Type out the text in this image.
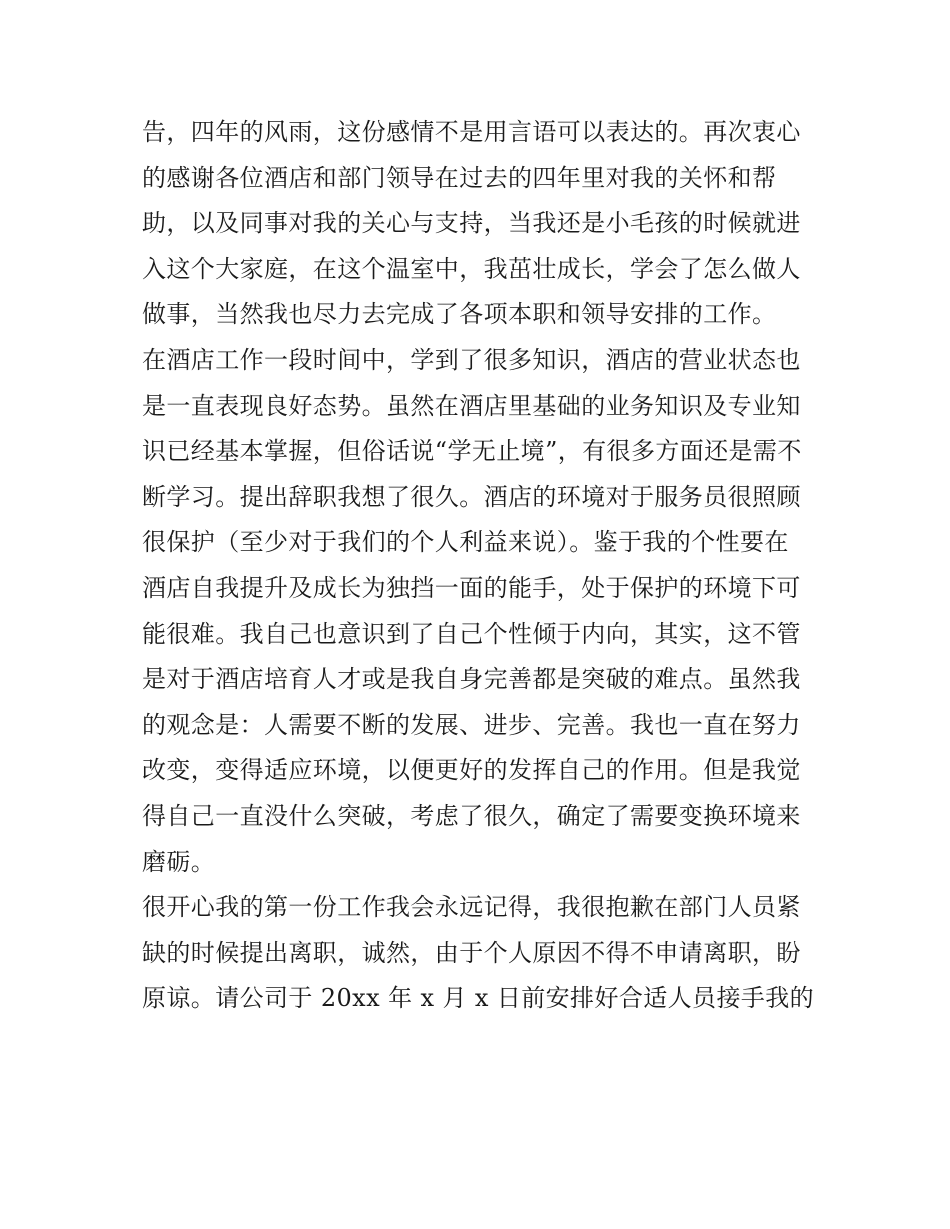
告，四年的风雨，这份感情不是用言语可以表达的。再次衷心
的感谢各位酒店和部门领导在过去的四年里对我的关怀和帮
助，以及同事对我的关心与支持，当我还是小毛孩的时候就进
入这个大家庭，在这个温室中，我茁壮成长，学会了怎么做人
做事，当然我也尽力去完成了各项本职和领导安排的工作。
在酒店工作一段时间中，学到了很多知识，酒店的营业状态也
是一直表现良好态势。虽然在酒店里基础的业务知识及专业知
识已经基本掌握，但俗话说“学无止境”，有很多方面还是需不
断学习。提出辞职我想了很久。酒店的环境对于服务员很照顾
很保护（至少对于我们的个人利益来说）。鉴于我的个性要在
酒店自我提升及成长为独挡一面的能手，处于保护的环境下可
能很难。我自己也意识到了自己个性倾于内向，其实，这不管
是对于酒店培育人才或是我自身完善都是突破的难点。虽然我
的观念是：人需要不断的发展、进步、完善。我也一直在努力
改变，变得适应环境，以便更好的发挥自己的作用。但是我觉
得自己一直没什么突破，考虑了很久，确定了需要变换环境来
磨砺。
很开心我的第一份工作我会永远记得，我很抱歉在部门人员紧
缺的时候提出离职，诚然，由于个人原因不得不申请离职，盼
原谅。请公司于 20xx 年 x 月 x 日前安排好合适人员接手我的
